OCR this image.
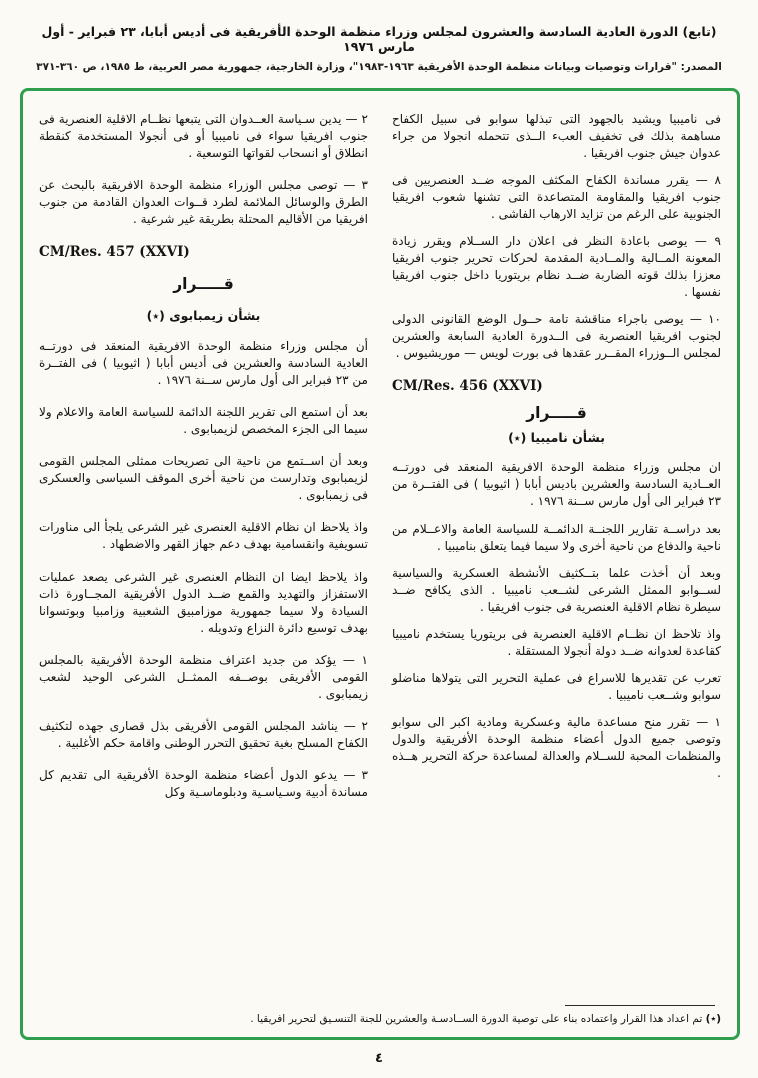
(تابع) الدورة العادية السادسة والعشرون لمجلس وزراء منظمة الوحدة الأفريقية فى أديس أبابا، ٢٣ فبراير - أول مارس ١٩٧٦
المصدر: "قرارات وتوصيات وبيانات منظمة الوحدة الأفريقية ١٩٦٣-١٩٨٣"، وزارة الخارجية، جمهورية مصر العربية، ط ١٩٨٥، ص ٣٦٠-٣٧١
فى ناميبيا ويشيد بالجهود التى تبذلها سوابو فى سبيل الكفاح مساهمة بذلك فى تخفيف العبء الــذى تتحمله انجولا من جراء عدوان جيش جنوب افريقيا .
٨ — يقرر مساندة الكفاح المكثف الموجه ضــد العنصريين فى جنوب افريقيا والمقاومة المتصاعدة التى تشنها شعوب افريقيا الجنوبية على الرغم من تزايد الارهاب الفاشى .
٩ — يوصى باعادة النظر فى اعلان دار الســلام ويقرر زيادة المعونة المــالية والمــادية المقدمة لحركات تحرير جنوب افريقيا معززا بذلك قوته الضاربة ضــد نظام بريتوريا داخل جنوب افريقيا نفسها .
١٠ — يوصى باجراء مناقشة تامة حــول الوضع القانونى الدولى لجنوب افريقيا العنصرية فى الــدورة العادية السابعة والعشرين لمجلس الــوزراء المقــرر عقدها فى بورت لويس — موريشيوس .
CM/Res. 456 (XXVI)
قـــــرار
بشأن ناميبيا (٭)
ان مجلس وزراء منظمة الوحدة الافريقية المنعقد فى دورتــه العــادية السادسة والعشرين باديس أبابا ( اثيوبيا ) فى الفتــرة من ٢٣ فبراير الى أول مارس ســنة ١٩٧٦ .
بعد دراســة تقارير اللجنــة الدائمــة للسياسة العامة والاعــلام من ناحية والدفاع من ناحية أخرى ولا سيما فيما يتعلق بناميبيا .
وبعد أن أخذت علما بتــكثيف الأنشطة العسكرية والسياسية لســوابو الممثل الشرعى لشــعب ناميبيا . الذى يكافح ضــد سيطرة نظام الاقلية العنصرية فى جنوب افريقيا .
واذ تلاحظ ان نظــام الاقلية العنصرية فى بريتوريا يستخدم ناميبيا كقاعدة لعدوانه ضــد دولة أنجولا المستقلة .
تعرب عن تقديرها للاسراع فى عملية التحرير التى يتولاها مناضلو سوابو وشــعب ناميبيا .
١ — تقرر منح مساعدة مالية وعسكرية ومادية اكبر الى سوابو وتوصى جميع الدول أعضاء منظمة الوحدة الأفريقية والدول والمنظمات المحبة للســلام والعدالة لمساعدة حركة التحرير هــذه .
٢ — يدين سـياسة العــدوان التى يتبعها نظــام الاقلية العنصرية فى جنوب افريقيا سواء فى ناميبيا أو فى أنجولا المستخدمة كنقطة انطلاق أو انسحاب لقواتها التوسعية .
٣ — توصى مجلس الوزراء منظمة الوحدة الافريقية بالبحث عن الطرق والوسائل الملائمة لطرد قــوات العدوان القادمة من جنوب افريقيا من الأقاليم المحتلة بطريقة غير شرعية .
CM/Res. 457 (XXVI)
قـــــرار
بشأن زيمبابوى (٭)
أن مجلس وزراء منظمة الوحدة الافريقية المنعقد فى دورتــه العادية السادسة والعشرين فى أديس أبابا ( اثيوبيا ) فى الفتــرة من ٢٣ فبراير الى أول مارس ســنة ١٩٧٦ .
بعد أن استمع الى تقرير اللجنة الدائمة للسياسة العامة والاعلام ولا سيما الى الجزء المخصص لزيمبابوى .
وبعد أن اســتمع من ناحية الى تصريحات ممثلى المجلس القومى لزيمبابوى وتدارست من ناحية أخرى الموقف السياسى والعسكرى فى زيمبابوى .
واذ يلاحظ ان نظام الاقلية العنصرى غير الشرعى يلجأ الى مناورات تسويفية وانقسامية بهدف دعم جهاز القهر والاضطهاد .
واذ يلاحظ ايضا ان النظام العنصرى غير الشرعى يصعد عمليات الاستفزاز والتهديد والقمع ضــد الدول الأفريقية المجــاورة ذات السيادة ولا سيما جمهورية موزامبيق الشعبية وزامبيا وبوتسوانا بهدف توسيع دائرة النزاع وتدويله .
١ — يؤكد من جديد اعتراف منظمة الوحدة الأفريقية بالمجلس القومى الأفريقى بوصــفه الممثــل الشرعى الوحيد لشعب زيمبابوى .
٢ — يناشد المجلس القومى الأفريقى بذل قصارى جهده لتكثيف الكفاح المسلح بغية تحقيق التحرر الوطنى واقامة حكم الأغلبية .
٣ — يدعو الدول أعضاء منظمة الوحدة الأفريقية الى تقديم كل مساندة أدبية وسـياسـية ودبلوماسـية وكل
(٭) تم اعداد هذا القرار واعتماده بناء على توصية الدورة الســادسـة والعشرين للجنة التنسـيق لتحرير افريقيا .
٤
